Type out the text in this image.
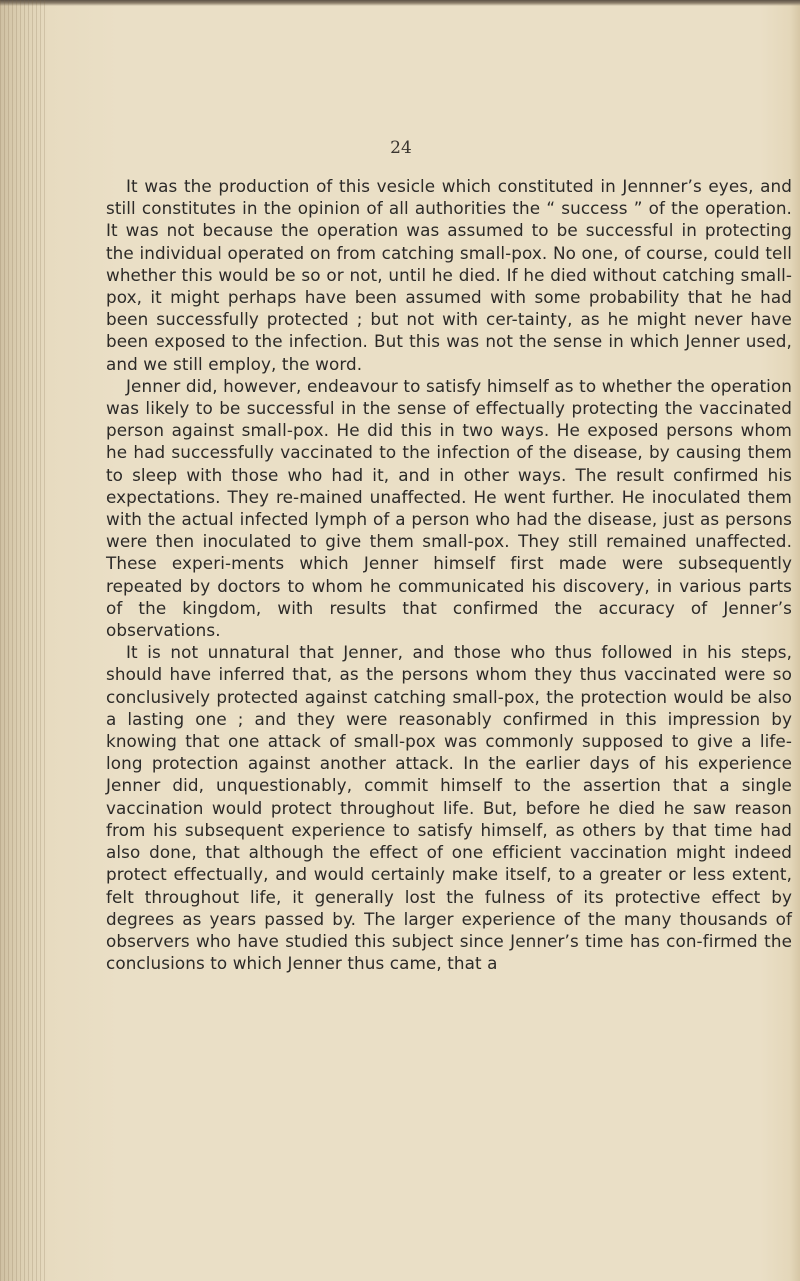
24

It was the production of this vesicle which constituted in Jennner’s eyes, and still constitutes in the opinion of all authorities the “ success ” of the operation. It was not because the operation was assumed to be successful in protecting the individual operated on from catching small-pox. No one, of course, could tell whether this would be so or not, until he died. If he died without catching small-pox, it might perhaps have been assumed with some probability that he had been successfully protected ; but not with cer-tainty, as he might never have been exposed to the infection. But this was not the sense in which Jenner used, and we still employ, the word.

Jenner did, however, endeavour to satisfy himself as to whether the operation was likely to be successful in the sense of effectually protecting the vaccinated person against small-pox. He did this in two ways. He exposed persons whom he had successfully vaccinated to the infection of the disease, by causing them to sleep with those who had it, and in other ways. The result confirmed his expectations. They re-mained unaffected. He went further. He inoculated them with the actual infected lymph of a person who had the disease, just as persons were then inoculated to give them small-pox. They still remained unaffected. These experi-ments which Jenner himself first made were subsequently repeated by doctors to whom he communicated his discovery, in various parts of the kingdom, with results that confirmed the accuracy of Jenner’s observations.

It is not unnatural that Jenner, and those who thus followed in his steps, should have inferred that, as the persons whom they thus vaccinated were so conclusively protected against catching small-pox, the protection would be also a lasting one ; and they were reasonably confirmed in this impression by knowing that one attack of small-pox was commonly supposed to give a life-long protection against another attack. In the earlier days of his experience Jenner did, unquestionably, commit himself to the assertion that a single vaccination would protect throughout life. But, before he died he saw reason from his subsequent experience to satisfy himself, as others by that time had also done, that although the effect of one efficient vaccination might indeed protect effectually, and would certainly make itself, to a greater or less extent, felt throughout life, it generally lost the fulness of its protective effect by degrees as years passed by. The larger experience of the many thousands of observers who have studied this subject since Jenner’s time has con-firmed the conclusions to which Jenner thus came, that a
